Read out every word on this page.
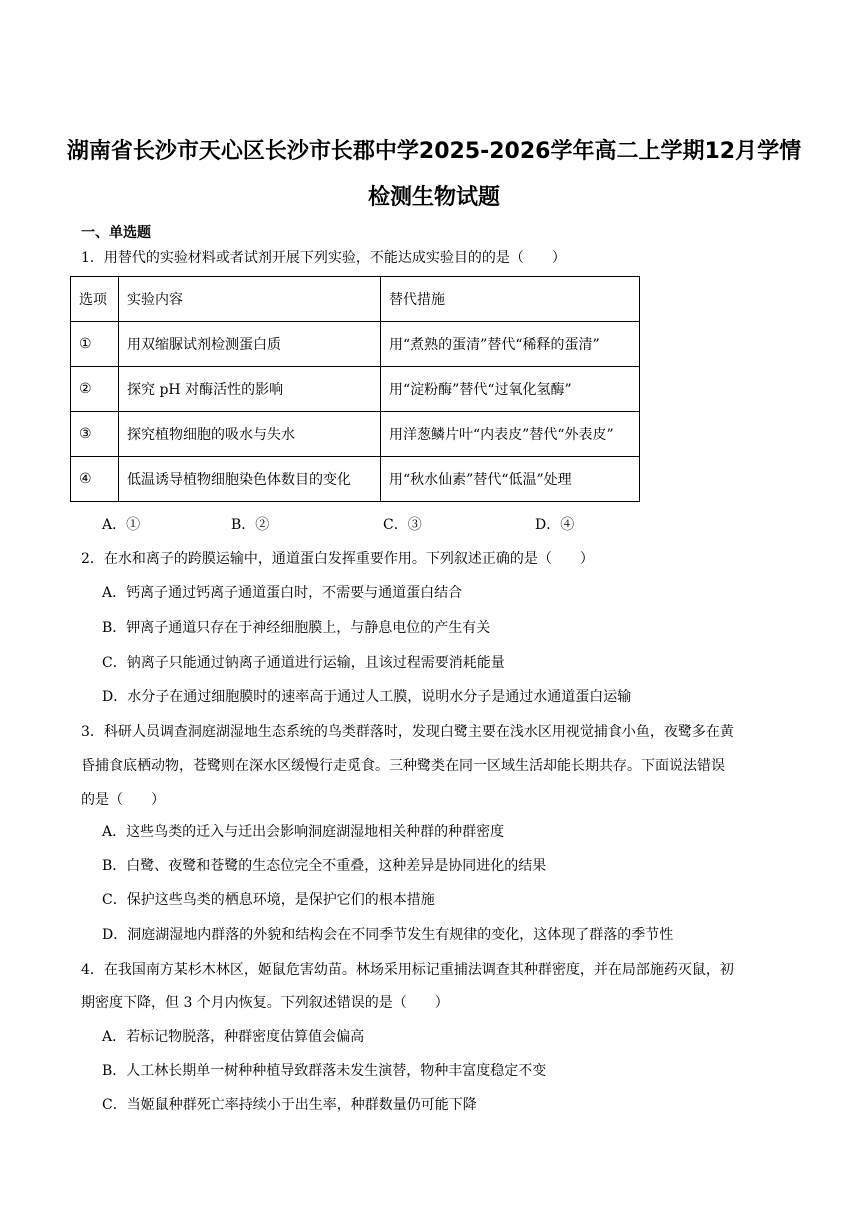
湖南省长沙市天心区长沙市长郡中学2025-2026学年高二上学期12月学情
检测生物试题
一、单选题
1．用替代的实验材料或者试剂开展下列实验，不能达成实验目的的是（　　）
选项	实验内容	替代措施
①	用双缩脲试剂检测蛋白质	用“煮熟的蛋清”替代“稀释的蛋清”
②	探究 pH 对酶活性的影响	用“淀粉酶”替代“过氧化氢酶”
③	探究植物细胞的吸水与失水	用洋葱鳞片叶“内表皮”替代“外表皮”
④	低温诱导植物细胞染色体数目的变化	用“秋水仙素”替代“低温”处理
A．①	B．②	C．③	D．④
2．在水和离子的跨膜运输中，通道蛋白发挥重要作用。下列叙述正确的是（　　）
A．钙离子通过钙离子通道蛋白时，不需要与通道蛋白结合
B．钾离子通道只存在于神经细胞膜上，与静息电位的产生有关
C．钠离子只能通过钠离子通道进行运输，且该过程需要消耗能量
D．水分子在通过细胞膜时的速率高于通过人工膜，说明水分子是通过水通道蛋白运输
3．科研人员调查洞庭湖湿地生态系统的鸟类群落时，发现白鹭主要在浅水区用视觉捕食小鱼，夜鹭多在黄
昏捕食底栖动物，苍鹭则在深水区缓慢行走觅食。三种鹭类在同一区域生活却能长期共存。下面说法错误
的是（　　）
A．这些鸟类的迁入与迁出会影响洞庭湖湿地相关种群的种群密度
B．白鹭、夜鹭和苍鹭的生态位完全不重叠，这种差异是协同进化的结果
C．保护这些鸟类的栖息环境，是保护它们的根本措施
D．洞庭湖湿地内群落的外貌和结构会在不同季节发生有规律的变化，这体现了群落的季节性
4．在我国南方某杉木林区，姬鼠危害幼苗。林场采用标记重捕法调查其种群密度，并在局部施药灭鼠，初
期密度下降，但 3 个月内恢复。下列叙述错误的是（　　）
A．若标记物脱落，种群密度估算值会偏高
B．人工林长期单一树种种植导致群落未发生演替，物种丰富度稳定不变
C．当姬鼠种群死亡率持续小于出生率，种群数量仍可能下降
